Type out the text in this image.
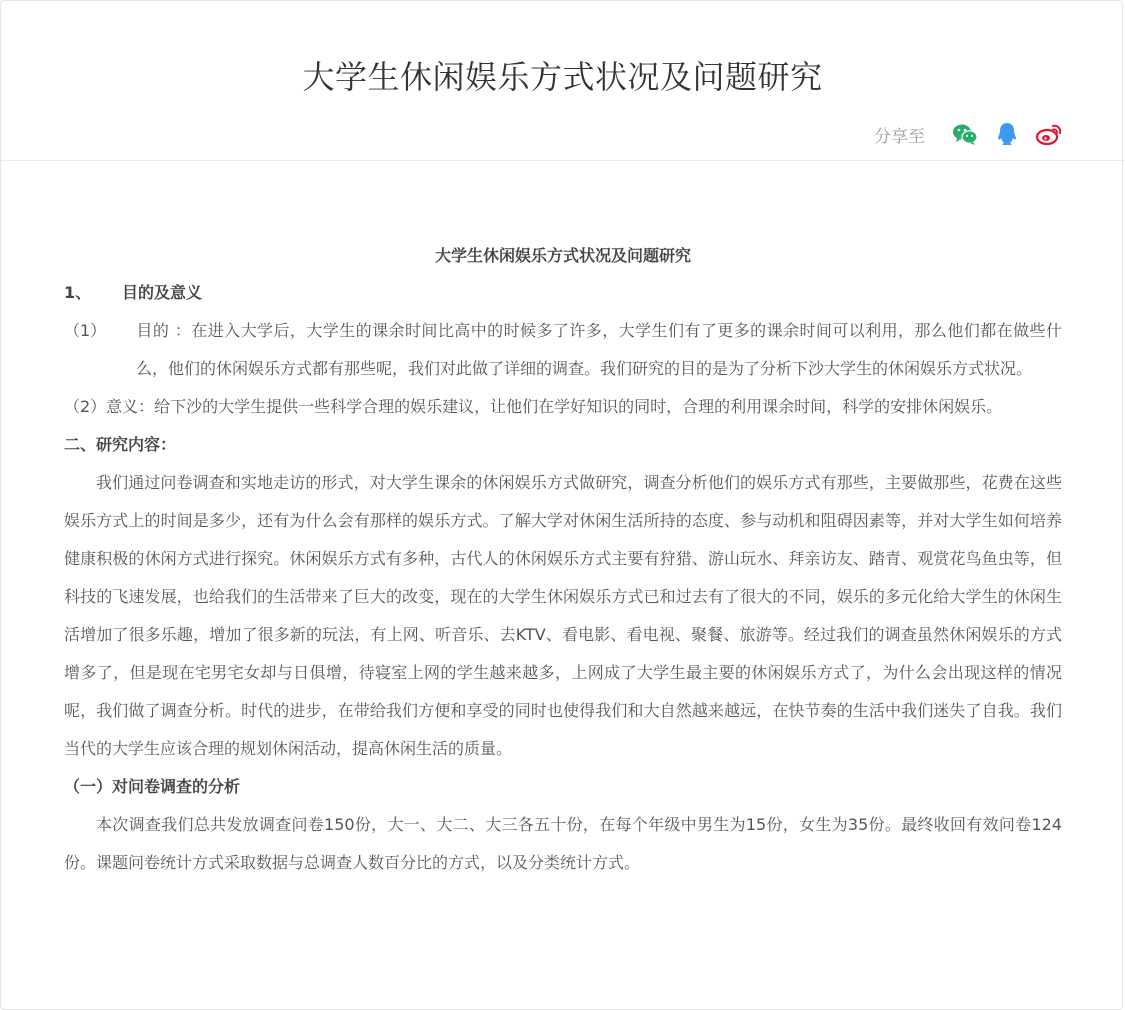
大学生休闲娱乐方式状况及问题研究
分享至

大学生休闲娱乐方式状况及问题研究

1、 目的及意义

（1） 目的 ：在进入大学后，大学生的课余时间比高中的时候多了许多，大学生们有了更多的课余时间可以利用，那么他们都在做些什么，他们的休闲娱乐方式都有那些呢，我们对此做了详细的调查。我们研究的目的是为了分析下沙大学生的休闲娱乐方式状况。

（2）意义：给下沙的大学生提供一些科学合理的娱乐建议，让他们在学好知识的同时，合理的利用课余时间，科学的安排休闲娱乐。

二、研究内容：

我们通过问卷调查和实地走访的形式，对大学生课余的休闲娱乐方式做研究，调查分析他们的娱乐方式有那些，主要做那些，花费在这些娱乐方式上的时间是多少，还有为什么会有那样的娱乐方式。了解大学对休闲生活所持的态度、参与动机和阻碍因素等，并对大学生如何培养健康积极的休闲方式进行探究。休闲娱乐方式有多种，古代人的休闲娱乐方式主要有狩猎、游山玩水、拜亲访友、踏青、观赏花鸟鱼虫等，但科技的飞速发展，也给我们的生活带来了巨大的改变，现在的大学生休闲娱乐方式已和过去有了很大的不同，娱乐的多元化给大学生的休闲生活增加了很多乐趣，增加了很多新的玩法，有上网、听音乐、去KTV、看电影、看电视、聚餐、旅游等。经过我们的调查虽然休闲娱乐的方式增多了，但是现在宅男宅女却与日俱增，待寝室上网的学生越来越多，上网成了大学生最主要的休闲娱乐方式了，为什么会出现这样的情况呢，我们做了调查分析。时代的进步，在带给我们方便和享受的同时也使得我们和大自然越来越远，在快节奏的生活中我们迷失了自我。我们当代的大学生应该合理的规划休闲活动，提高休闲生活的质量。

（一）对问卷调查的分析

本次调查我们总共发放调查问卷150份，大一、大二、大三各五十份，在每个年级中男生为15份，女生为35份。最终收回有效问卷124份。课题问卷统计方式采取数据与总调查人数百分比的方式，以及分类统计方式。
